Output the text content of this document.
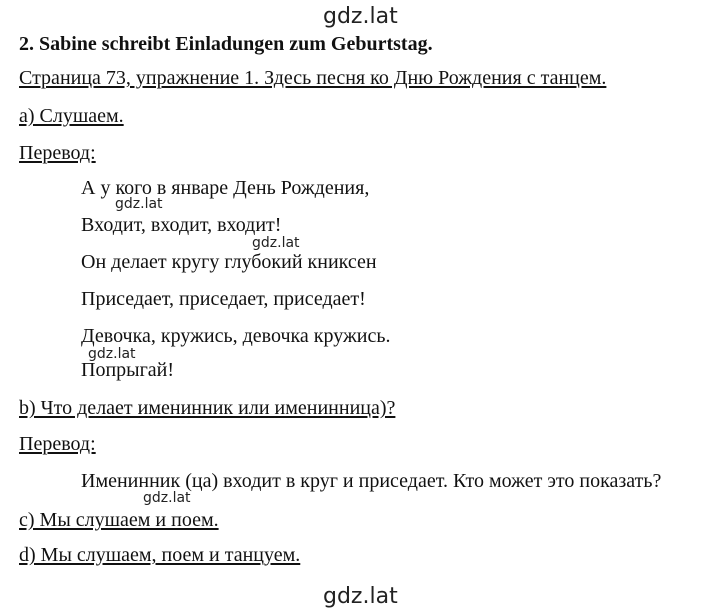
gdz.lat
gdz.lat
gdz.lat
gdz.lat
gdz.lat
gdz.lat
2. Sabine schreibt Einladungen zum Geburtstag.
Страница 73, упражнение 1. Здесь песня ко Дню Рождения с танцем.
a) Слушаем.
Перевод:
А у кого в январе День Рождения,
Входит, входит, входит!
Он делает кругу глубокий книксен
Приседает, приседает, приседает!
Девочка, кружись, девочка кружись.
Попрыгай!
b) Что делает именинник или именинница)?
Перевод:
Именинник (ца) входит в круг и приседает. Кто может это показать?
c) Мы слушаем и поем.
d) Мы слушаем, поем и танцуем.
